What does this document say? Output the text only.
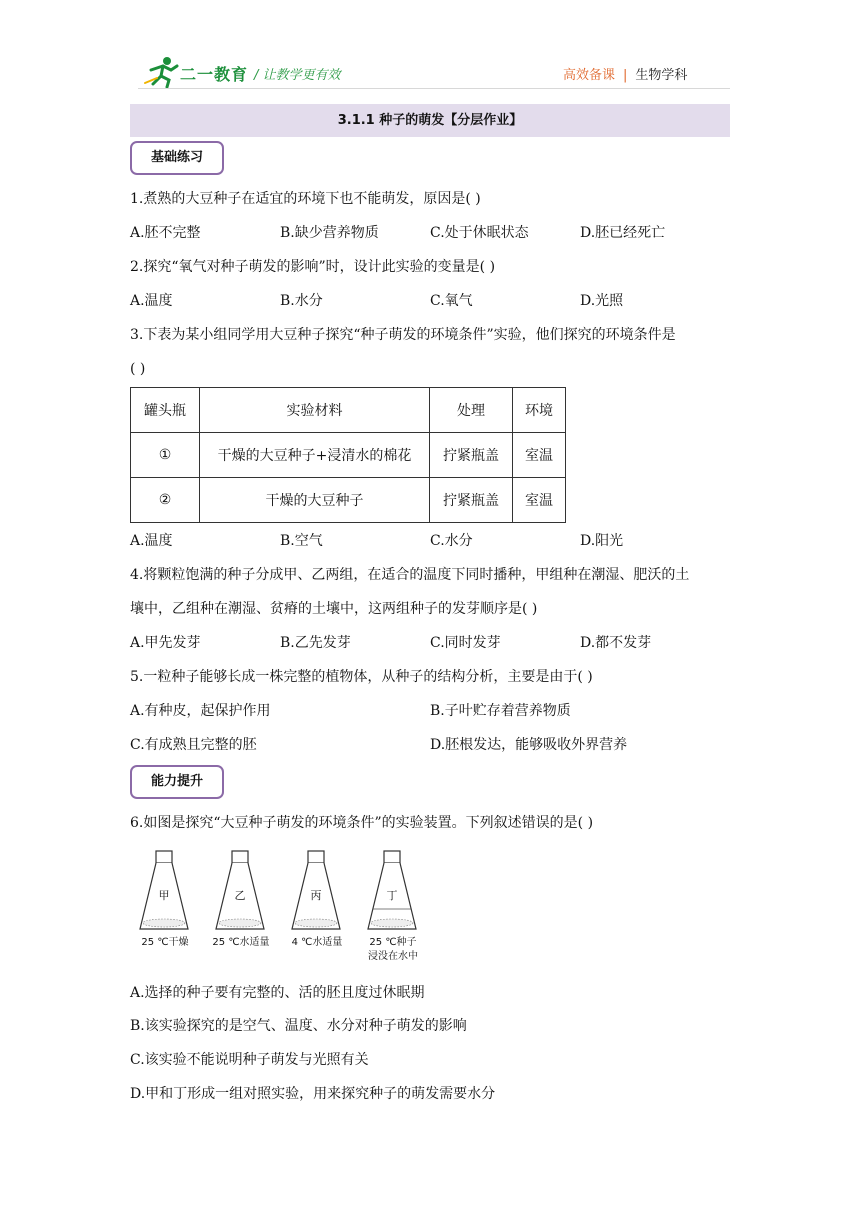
二一教育 / 让教学更有效	高效备课 | 生物学科
3.1.1 种子的萌发【分层作业】
基础练习
1.煮熟的大豆种子在适宜的环境下也不能萌发，原因是( )
A.胚不完整	B.缺少营养物质	C.处于休眠状态	D.胚已经死亡
2.探究“氧气对种子萌发的影响”时，设计此实验的变量是( )
A.温度	B.水分	C.氧气	D.光照
3.下表为某小组同学用大豆种子探究“种子萌发的环境条件”实验，他们探究的环境条件是
( )
罐头瓶	实验材料	处理	环境
①	干燥的大豆种子+浸清水的棉花	拧紧瓶盖	室温
②	干燥的大豆种子	拧紧瓶盖	室温
A.温度	B.空气	C.水分	D.阳光
4.将颗粒饱满的种子分成甲、乙两组，在适合的温度下同时播种，甲组种在潮湿、肥沃的土
壤中，乙组种在潮湿、贫瘠的土壤中，这两组种子的发芽顺序是( )
A.甲先发芽	B.乙先发芽	C.同时发芽	D.都不发芽
5.一粒种子能够长成一株完整的植物体，从种子的结构分析，主要是由于( )
A.有种皮，起保护作用	B.子叶贮存着营养物质
C.有成熟且完整的胚	D.胚根发达，能够吸收外界营养
能力提升
6.如图是探究“大豆种子萌发的环境条件”的实验装置。下列叙述错误的是( )
甲
25 ℃干燥
乙
25 ℃水适量
丙
4 ℃水适量
丁
25 ℃种子
浸没在水中
A.选择的种子要有完整的、活的胚且度过休眠期
B.该实验探究的是空气、温度、水分对种子萌发的影响
C.该实验不能说明种子萌发与光照有关
D.甲和丁形成一组对照实验，用来探究种子的萌发需要水分
